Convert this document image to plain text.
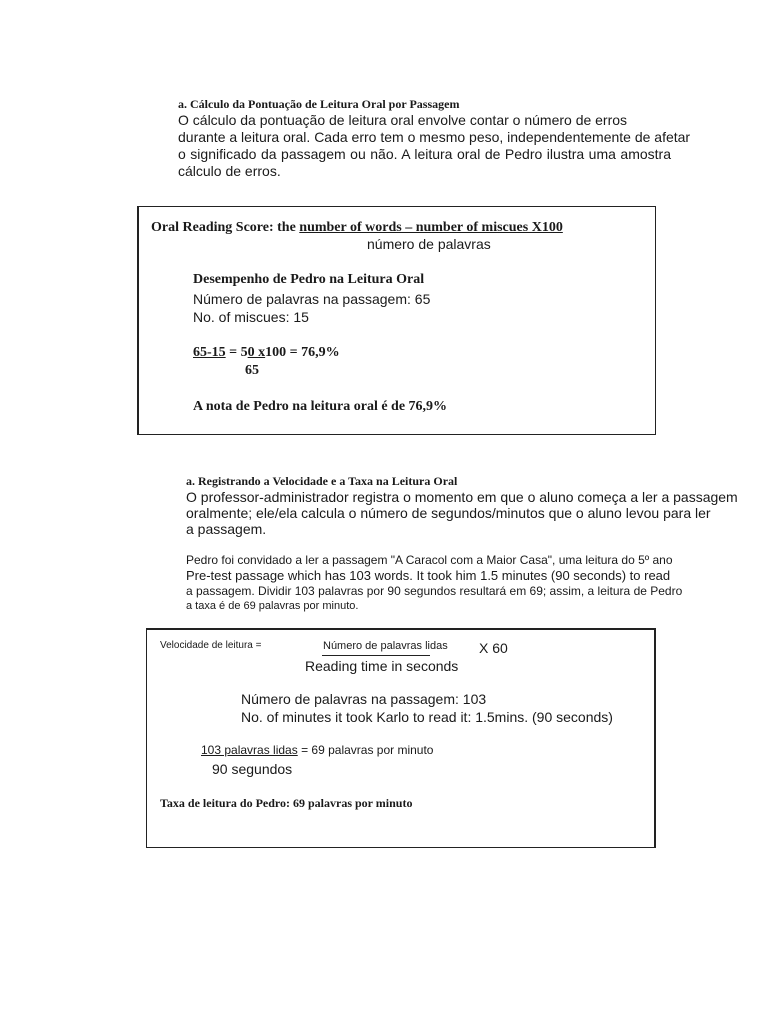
a. Cálculo da Pontuação de Leitura Oral por Passagem
O cálculo da pontuação de leitura oral envolve contar o número de erros
durante a leitura oral. Cada erro tem o mesmo peso, independentemente de afetar
o significado da passagem ou não. A leitura oral de Pedro ilustra uma amostra
cálculo de erros.
Oral Reading Score: the number of words – number of miscues X100
número de palavras
Desempenho de Pedro na Leitura Oral
Número de palavras na passagem: 65
No. of miscues: 15
65-15 = 50 x100 = 76,9%
65
A nota de Pedro na leitura oral é de 76,9%
a. Registrando a Velocidade e a Taxa na Leitura Oral
O professor-administrador registra o momento em que o aluno começa a ler a passagem
oralmente; ele/ela calcula o número de segundos/minutos que o aluno levou para ler
a passagem.
Pedro foi convidado a ler a passagem "A Caracol com a Maior Casa", uma leitura do 5º ano
Pre-test passage which has 103 words. It took him 1.5 minutes (90 seconds) to read
a passagem. Dividir 103 palavras por 90 segundos resultará em 69; assim, a leitura de Pedro
a taxa é de 69 palavras por minuto.
Velocidade de leitura =	Número de palavras lidas X 60
Reading time in seconds
Número de palavras na passagem: 103
No. of minutes it took Karlo to read it: 1.5mins. (90 seconds)
103 palavras lidas = 69 palavras por minuto
90 segundos
Taxa de leitura do Pedro: 69 palavras por minuto
